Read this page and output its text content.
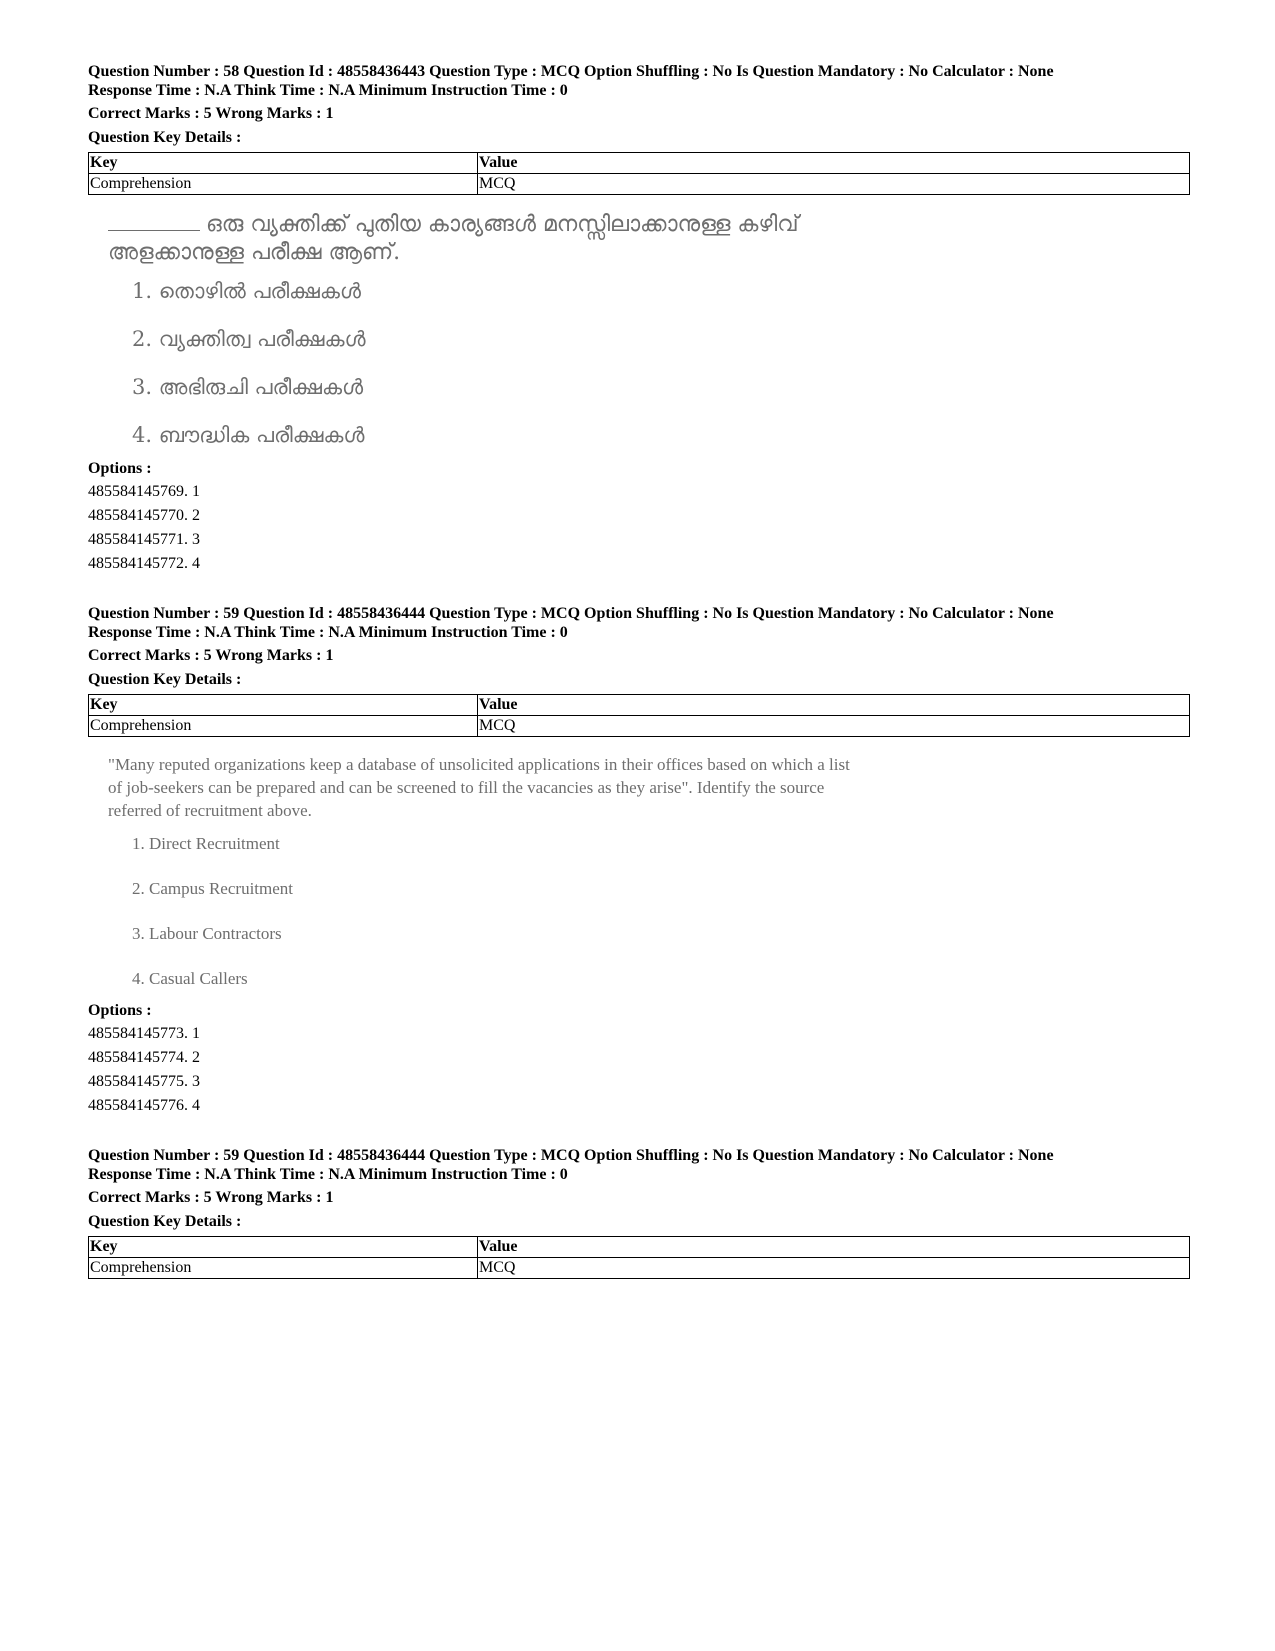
Question Number : 58 Question Id : 48558436443 Question Type : MCQ Option Shuffling : No Is Question Mandatory : No Calculator : None
Response Time : N.A Think Time : N.A Minimum Instruction Time : 0
Correct Marks : 5 Wrong Marks : 1
Question Key Details :
Key	Value
Comprehension	MCQ
ഒരു വ്യക്തിക്ക് പുതിയ കാര്യങ്ങൾ മനസ്സിലാക്കാനുള്ള കഴിവ്
അളക്കാനുള്ള പരീക്ഷ ആണ്.
1. തൊഴിൽ പരീക്ഷകൾ
2. വ്യക്തിത്വ പരീക്ഷകൾ
3. അഭിരുചി പരീക്ഷകൾ
4. ബൗദ്ധിക പരീക്ഷകൾ
Options :
485584145769. 1
485584145770. 2
485584145771. 3
485584145772. 4
Question Number : 59 Question Id : 48558436444 Question Type : MCQ Option Shuffling : No Is Question Mandatory : No Calculator : None
Response Time : N.A Think Time : N.A Minimum Instruction Time : 0
Correct Marks : 5 Wrong Marks : 1
Question Key Details :
Key	Value
Comprehension	MCQ
"Many reputed organizations keep a database of unsolicited applications in their offices based on which a list
of job-seekers can be prepared and can be screened to fill the vacancies as they arise". Identify the source
referred of recruitment above.
1. Direct Recruitment
2. Campus Recruitment
3. Labour Contractors
4. Casual Callers
Options :
485584145773. 1
485584145774. 2
485584145775. 3
485584145776. 4
Question Number : 59 Question Id : 48558436444 Question Type : MCQ Option Shuffling : No Is Question Mandatory : No Calculator : None
Response Time : N.A Think Time : N.A Minimum Instruction Time : 0
Correct Marks : 5 Wrong Marks : 1
Question Key Details :
Key	Value
Comprehension	MCQ
